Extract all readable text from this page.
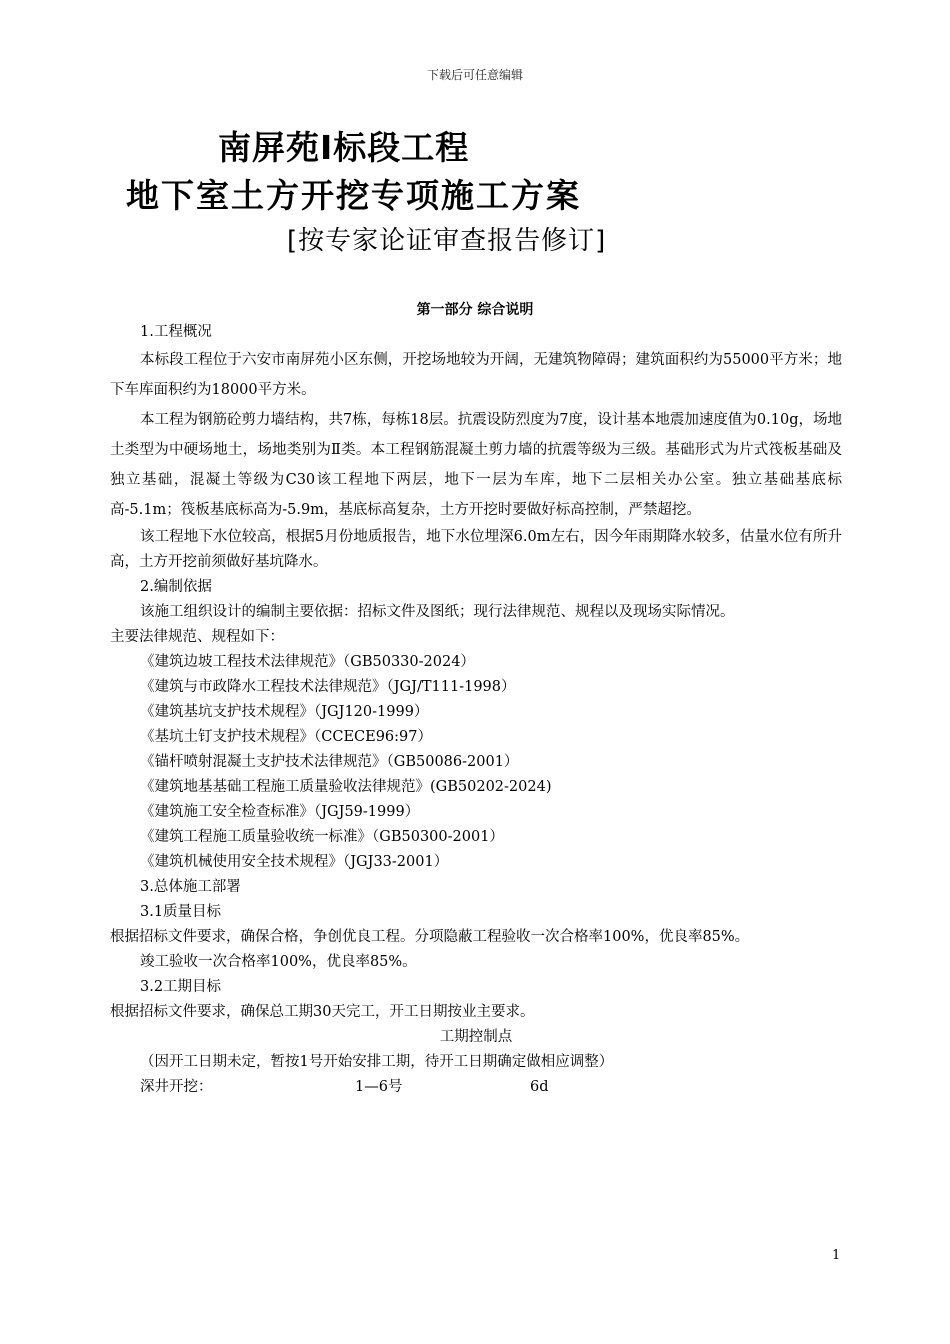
下载后可任意编辑
南屏苑Ⅰ标段工程
地下室土方开挖专项施工方案
[按专家论证审查报告修订]
第一部分 综合说明
1.工程概况

本标段工程位于六安市南屏苑小区东侧，开挖场地较为开阔，无建筑物障碍；建筑面积约为55000平方米；地下车库面积约为18000平方米。

本工程为钢筋砼剪力墙结构，共7栋，每栋18层。抗震设防烈度为7度，设计基本地震加速度值为0.10g，场地土类型为中硬场地土，场地类别为Ⅱ类。本工程钢筋混凝土剪力墙的抗震等级为三级。基础形式为片式筏板基础及独立基础，混凝土等级为C30该工程地下两层，地下一层为车库，地下二层相关办公室。独立基础基底标高-5.1m；筏板基底标高为-5.9m，基底标高复杂，土方开挖时要做好标高控制，严禁超挖。

该工程地下水位较高，根据5月份地质报告，地下水位埋深6.0m左右，因今年雨期降水较多，估量水位有所升高，土方开挖前须做好基坑降水。

2.编制依据
该施工组织设计的编制主要依据：招标文件及图纸；现行法律规范、规程以及现场实际情况。
主要法律规范、规程如下：
《建筑边坡工程技术法律规范》（GB50330-2024）
《建筑与市政降水工程技术法律规范》（JGJ/T111-1998）
《建筑基坑支护技术规程》（JGJ120-1999）
《基坑土钉支护技术规程》（CCECE96:97）
《锚杆喷射混凝土支护技术法律规范》（GB50086-2001）
《建筑地基基础工程施工质量验收法律规范》(GB50202-2024)
《建筑施工安全检查标准》（JGJ59-1999）
《建筑工程施工质量验收统一标准》（GB50300-2001）
《建筑机械使用安全技术规程》（JGJ33-2001）
3.总体施工部署
3.1质量目标

根据招标文件要求，确保合格，争创优良工程。分项隐蔽工程验收一次合格率100%，优良率85%。

竣工验收一次合格率100%，优良率85%。
3.2工期目标
根据招标文件要求，确保总工期30天完工，开工日期按业主要求。
工期控制点
（因开工日期未定，暂按1号开始安排工期，待开工日期确定做相应调整）
深井开挖：	1—6号	6d
1
